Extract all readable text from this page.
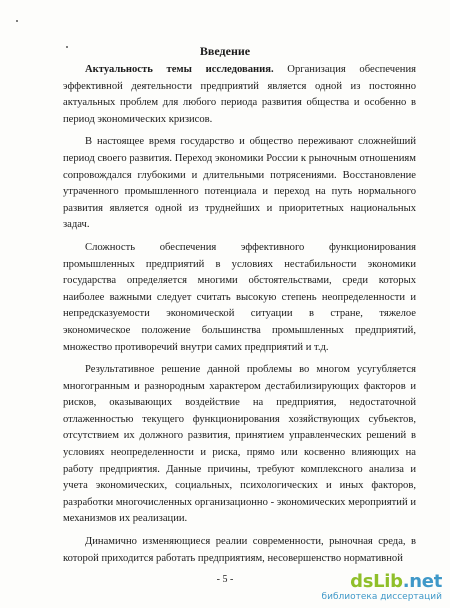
Введение

Актуальность темы исследования. Организация обеспечения эффективной деятельности предприятий является одной из постоянно актуальных проблем для любого периода развития общества и особенно в период экономических кризисов.

В настоящее время государство и общество переживают сложнейший период своего развития. Переход экономики России к рыночным отношениям сопровождался глубокими и длительными потрясениями. Восстановление утраченного промышленного потенциала и переход на путь нормального развития является одной из труднейших и приоритетных национальных задач.

Сложность обеспечения эффективного функционирования промышленных предприятий в условиях нестабильности экономики государства определяется многими обстоятельствами, среди которых наиболее важными следует считать высокую степень неопределенности и непредсказуемости экономической ситуации в стране, тяжелое экономическое положение большинства промышленных предприятий, множество противоречий внутри самих предприятий и т.д.

Результативное решение данной проблемы во многом усугубляется многогранным и разнородным характером дестабилизирующих факторов и рисков, оказывающих воздействие на предприятия, недостаточной отлаженностью текущего функционирования хозяйствующих субъектов, отсутствием их должного развития, принятием управленческих решений в условиях неопределенности и риска, прямо или косвенно влияющих на работу предприятия. Данные причины, требуют комплексного анализа и учета экономических, социальных, психологических и иных факторов, разработки многочисленных организационно - экономических мероприятий и механизмов их реализации.

Динамично изменяющиеся реалии современности, рыночная среда, в которой приходится работать предприятиям, несовершенство нормативной

- 5 -	dsLib.net
библиотека диссертаций
